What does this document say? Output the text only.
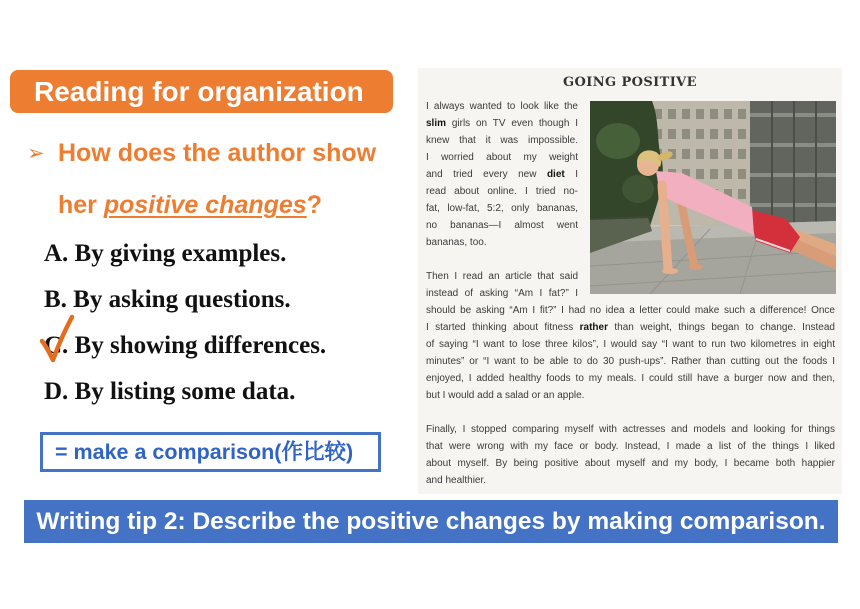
Reading for organization
➢ How does the author show
her positive changes?
A. By giving examples.
B. By asking questions.
C. By showing differences.
D. By listing some data.
= make a comparison(作比较)
GOING POSITIVE
I always wanted to look like the
slim girls on TV even though I
knew that it was impossible.
I worried about my weight
and tried every new diet I
read about online. I tried no-
fat, low-fat, 5:2, only bananas,
no bananas—I almost went
bananas, too.
Then I read an article that said
instead of asking “Am I fat?” I
should be asking “Am I fit?” I had no idea a letter could make such a difference! Once
I started thinking about fitness rather than weight, things began to change. Instead
of saying “I want to lose three kilos”, I would say “I want to run two kilometres in eight
minutes” or “I want to be able to do 30 push-ups”. Rather than cutting out the foods I
enjoyed, I added healthy foods to my meals. I could still have a burger now and then,
but I would add a salad or an apple.
Finally, I stopped comparing myself with actresses and models and looking for things
that were wrong with my face or body. Instead, I made a list of the things I liked
about myself. By being positive about myself and my body, I became both happier
and healthier.
Writing tip 2: Describe the positive changes by making comparison.
